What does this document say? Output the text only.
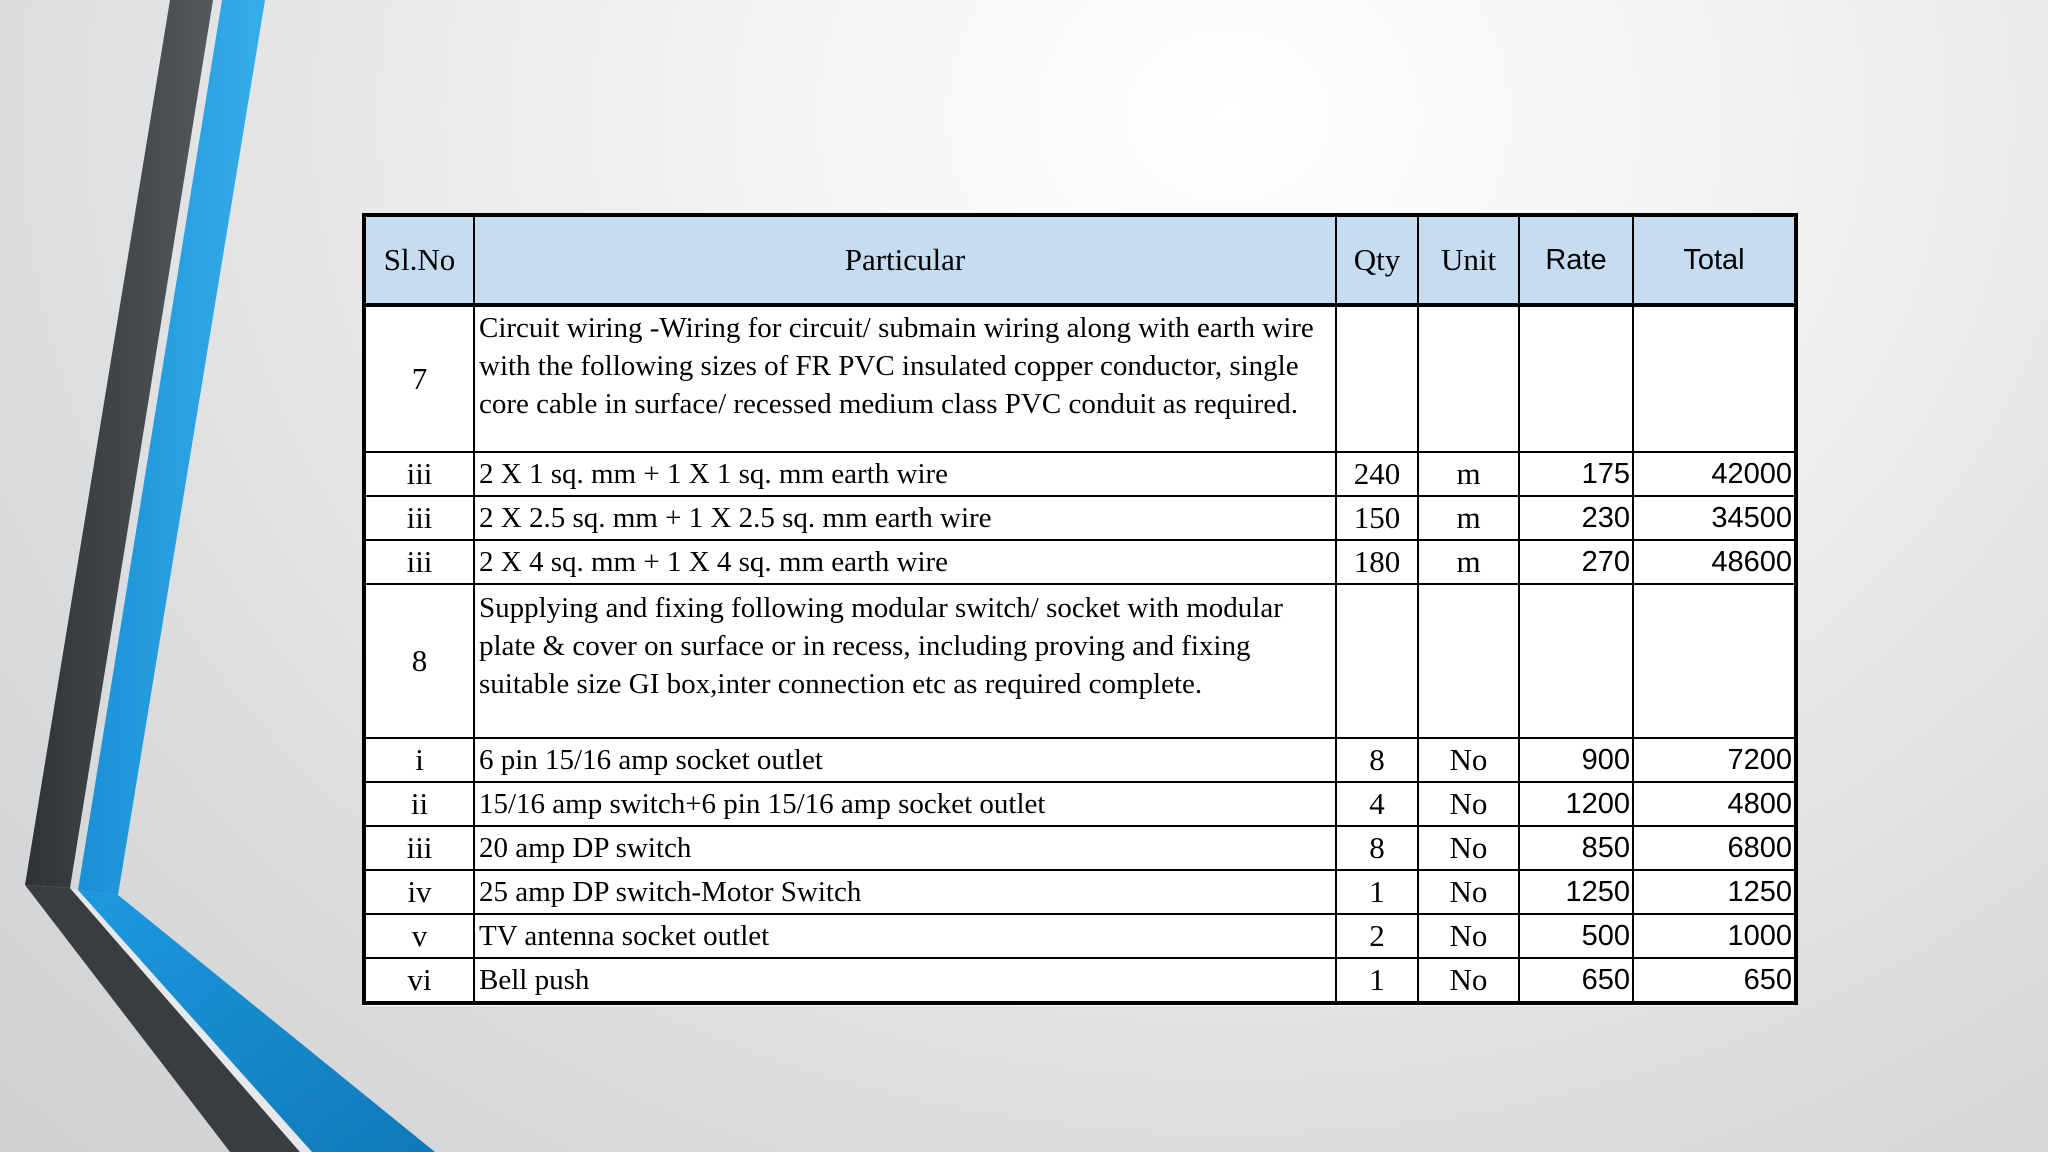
Sl.No	Particular	Qty	Unit	Rate	Total
7	Circuit wiring -Wiring for circuit/ submain wiring along with earth wire with the following sizes of FR PVC insulated copper conductor, single core cable in surface/ recessed medium class PVC conduit as required.				

iii	2 X 1 sq. mm + 1 X 1 sq. mm earth wire	240	m	175	42000
iii	2 X 2.5 sq. mm + 1 X 2.5 sq. mm earth wire	150	m	230	34500
iii	2 X 4 sq. mm + 1 X 4 sq. mm earth wire	180	m	270	48600
8	Supplying and fixing following modular switch/ socket with modular plate & cover on surface or in recess, including proving and fixing suitable size GI box,inter connection etc as required complete.				
i	6 pin 15/16 amp socket outlet	8	No	900	7200
ii	15/16 amp switch+6 pin 15/16 amp socket outlet	4	No	1200	4800
iii	20 amp DP switch	8	No	850	6800
iv	25 amp DP switch-Motor Switch	1	No	1250	1250
v	TV antenna socket outlet	2	No	500	1000
vi	Bell push	1	No	650	650
